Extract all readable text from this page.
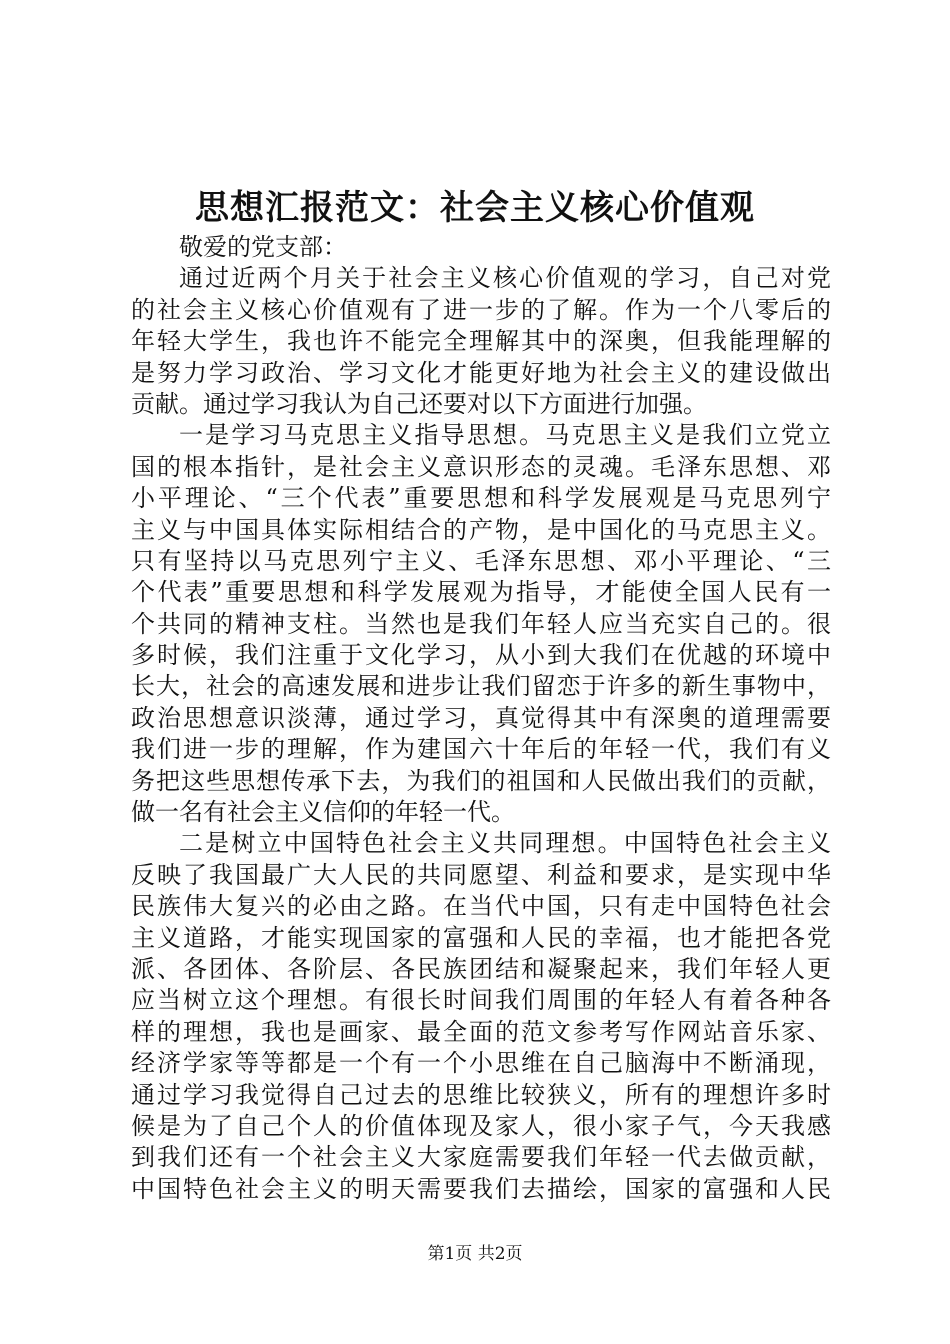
思想汇报范文：社会主义核心价值观
敬爱的党支部：
通过近两个月关于社会主义核心价值观的学习，自己对党
的社会主义核心价值观有了进一步的了解。作为一个八零后的
年轻大学生，我也许不能完全理解其中的深奥，但我能理解的
是努力学习政治、学习文化才能更好地为社会主义的建设做出
贡献。通过学习我认为自己还要对以下方面进行加强。
一是学习马克思主义指导思想。马克思主义是我们立党立
国的根本指针，是社会主义意识形态的灵魂。毛泽东思想、邓
小平理论、“三个代表”重要思想和科学发展观是马克思列宁
主义与中国具体实际相结合的产物，是中国化的马克思主义。
只有坚持以马克思列宁主义、毛泽东思想、邓小平理论、“三
个代表”重要思想和科学发展观为指导，才能使全国人民有一
个共同的精神支柱。当然也是我们年轻人应当充实自己的。很
多时候，我们注重于文化学习，从小到大我们在优越的环境中
长大，社会的高速发展和进步让我们留恋于许多的新生事物中，
政治思想意识淡薄，通过学习，真觉得其中有深奥的道理需要
我们进一步的理解，作为建国六十年后的年轻一代，我们有义
务把这些思想传承下去，为我们的祖国和人民做出我们的贡献，
做一名有社会主义信仰的年轻一代。
二是树立中国特色社会主义共同理想。中国特色社会主义
反映了我国最广大人民的共同愿望、利益和要求，是实现中华
民族伟大复兴的必由之路。在当代中国，只有走中国特色社会
主义道路，才能实现国家的富强和人民的幸福，也才能把各党
派、各团体、各阶层、各民族团结和凝聚起来，我们年轻人更
应当树立这个理想。有很长时间我们周围的年轻人有着各种各
样的理想，我也是画家、最全面的范文参考写作网站音乐家、
经济学家等等都是一个有一个小思维在自己脑海中不断涌现，
通过学习我觉得自己过去的思维比较狭义，所有的理想许多时
候是为了自己个人的价值体现及家人，很小家子气，今天我感
到我们还有一个社会主义大家庭需要我们年轻一代去做贡献，
中国特色社会主义的明天需要我们去描绘，国家的富强和人民
第1页 共2页
